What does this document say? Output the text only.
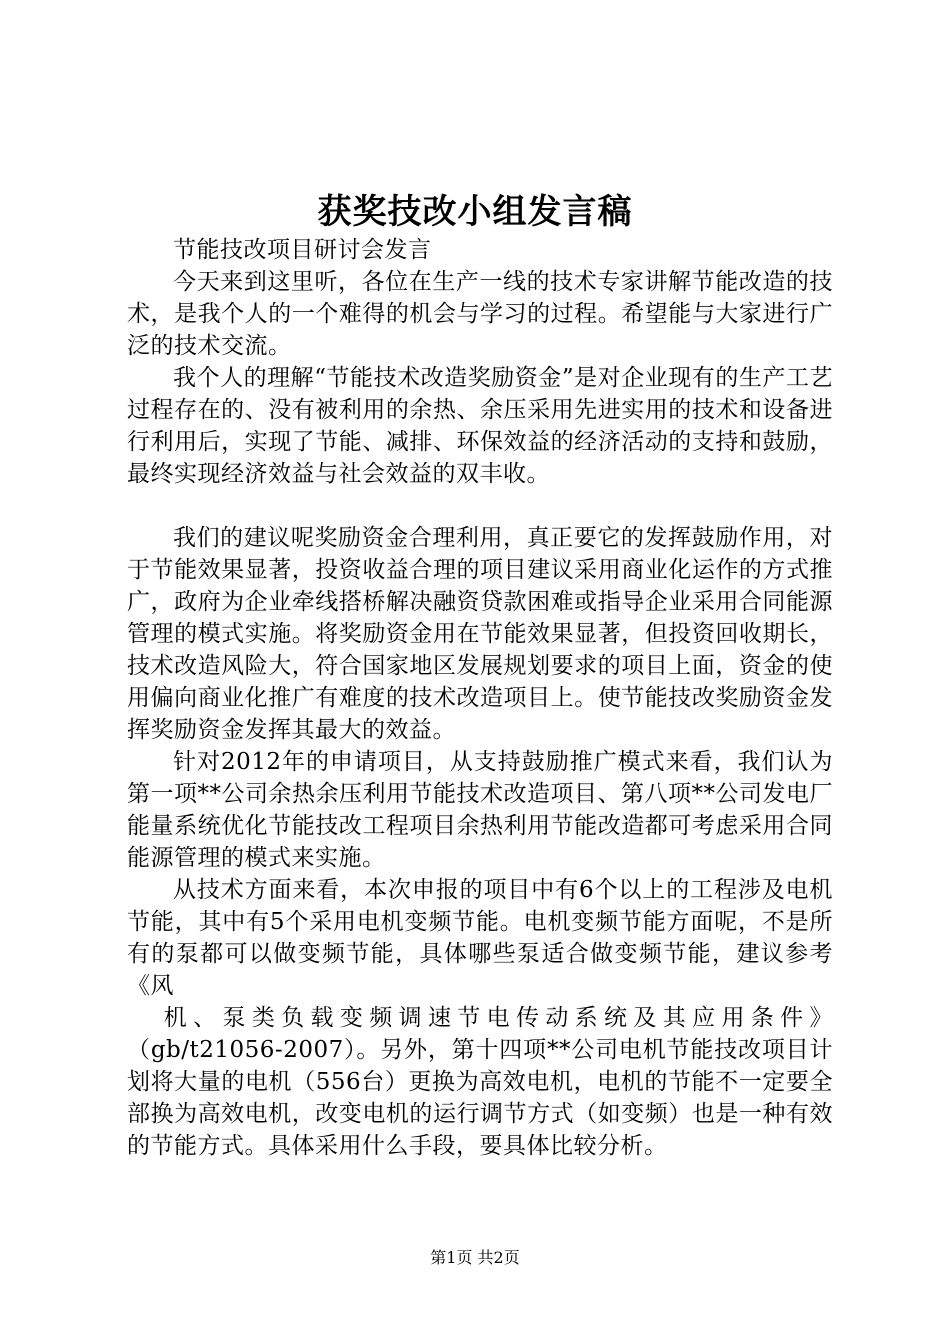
获奖技改小组发言稿

节能技改项目研讨会发言

今天来到这里听，各位在生产一线的技术专家讲解节能改造的技术，是我个人的一个难得的机会与学习的过程。希望能与大家进行广泛的技术交流。

我个人的理解“节能技术改造奖励资金”是对企业现有的生产工艺过程存在的、没有被利用的余热、余压采用先进实用的技术和设备进行利用后，实现了节能、减排、环保效益的经济活动的支持和鼓励，最终实现经济效益与社会效益的双丰收。

我们的建议呢奖励资金合理利用，真正要它的发挥鼓励作用，对于节能效果显著，投资收益合理的项目建议采用商业化运作的方式推广，政府为企业牵线搭桥解决融资贷款困难或指导企业采用合同能源管理的模式实施。将奖励资金用在节能效果显著，但投资回收期长，技术改造风险大，符合国家地区发展规划要求的项目上面，资金的使用偏向商业化推广有难度的技术改造项目上。使节能技改奖励资金发挥奖励资金发挥其最大的效益。

针对2012年的申请项目，从支持鼓励推广模式来看，我们认为第一项**公司余热余压利用节能技术改造项目、第八项**公司发电厂能量系统优化节能技改工程项目余热利用节能改造都可考虑采用合同能源管理的模式来实施。

从技术方面来看，本次申报的项目中有6个以上的工程涉及电机节能，其中有5个采用电机变频节能。电机变频节能方面呢，不是所有的泵都可以做变频节能，具体哪些泵适合做变频节能，建议参考《风

机、泵类负载变频调速节电传动系统及其应用条件》（gb/t21056-2007）。另外，第十四项**公司电机节能技改项目计划将大量的电机（556台）更换为高效电机，电机的节能不一定要全部换为高效电机，改变电机的运行调节方式（如变频）也是一种有效的节能方式。具体采用什么手段，要具体比较分析。

第1页 共2页
